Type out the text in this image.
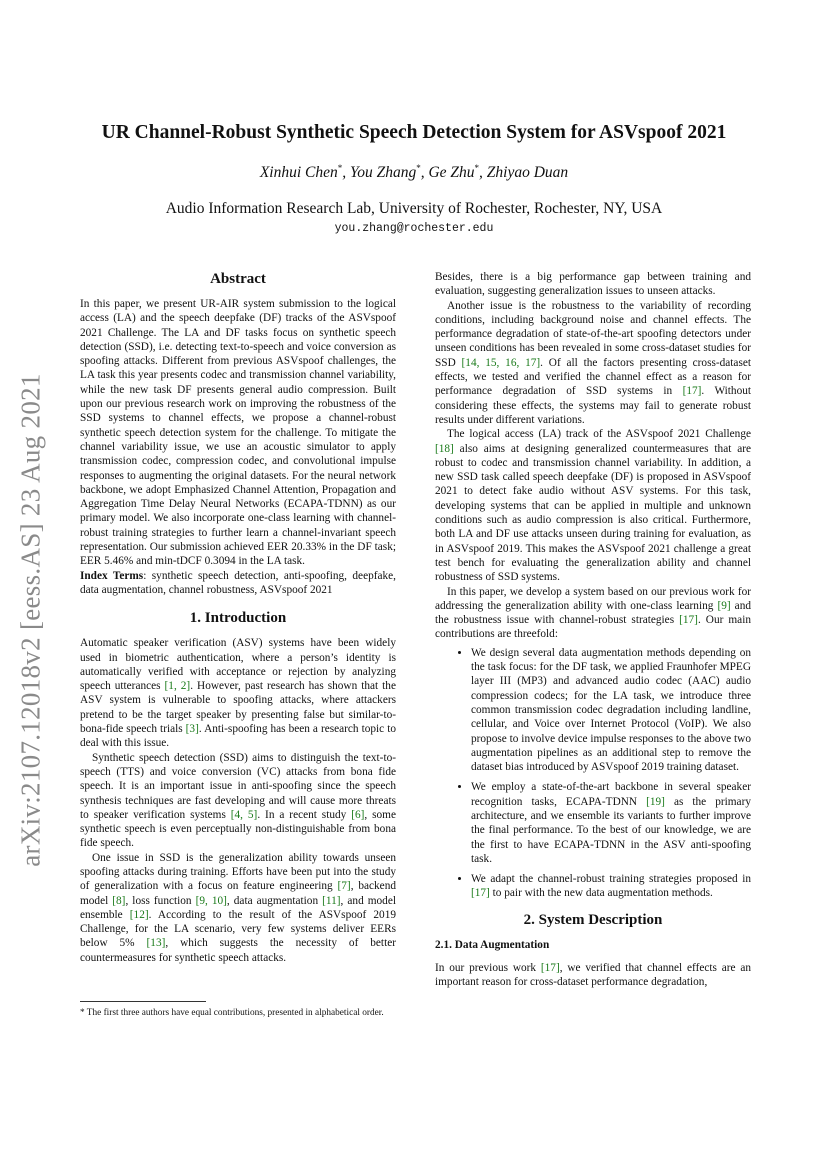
arXiv:2107.12018v2 [eess.AS] 23 Aug 2021
UR Channel-Robust Synthetic Speech Detection System for ASVspoof 2021
Xinhui Chen*, You Zhang*, Ge Zhu*, Zhiyao Duan
Audio Information Research Lab, University of Rochester, Rochester, NY, USA
you.zhang@rochester.edu
Abstract

In this paper, we present UR-AIR system submission to the logical access (LA) and the speech deepfake (DF) tracks of the ASVspoof 2021 Challenge. The LA and DF tasks focus on synthetic speech detection (SSD), i.e. detecting text-to-speech and voice conversion as spoofing attacks. Different from previous ASVspoof challenges, the LA task this year presents codec and transmission channel variability, while the new task DF presents general audio compression. Built upon our previous research work on improving the robustness of the SSD systems to channel effects, we propose a channel-robust synthetic speech detection system for the challenge. To mitigate the channel variability issue, we use an acoustic simulator to apply transmission codec, compression codec, and convolutional impulse responses to augmenting the original datasets. For the neural network backbone, we adopt Emphasized Channel Attention, Propagation and Aggregation Time Delay Neural Networks (ECAPA-TDNN) as our primary model. We also incorporate one-class learning with channel-robust training strategies to further learn a channel-invariant speech representation. Our submission achieved EER 20.33% in the DF task; EER 5.46% and min-tDCF 0.3094 in the LA task.

Index Terms: synthetic speech detection, anti-spoofing, deepfake, data augmentation, channel robustness, ASVspoof 2021

1. Introduction

Automatic speaker verification (ASV) systems have been widely used in biometric authentication, where a person’s identity is automatically verified with acceptance or rejection by analyzing speech utterances [1, 2]. However, past research has shown that the ASV system is vulnerable to spoofing attacks, where attackers pretend to be the target speaker by presenting false but similar-to-bona-fide speech trials [3]. Anti-spoofing has been a research topic to deal with this issue.

Synthetic speech detection (SSD) aims to distinguish the text-to-speech (TTS) and voice conversion (VC) attacks from bona fide speech. It is an important issue in anti-spoofing since the speech synthesis techniques are fast developing and will cause more threats to speaker verification systems [4, 5]. In a recent study [6], some synthetic speech is even perceptually non-distinguishable from bona fide speech.

One issue in SSD is the generalization ability towards unseen spoofing attacks during training. Efforts have been put into the study of generalization with a focus on feature engineering [7], backend model [8], loss function [9, 10], data augmentation [11], and model ensemble [12]. According to the result of the ASVspoof 2019 Challenge, for the LA scenario, very few systems deliver EERs below 5% [13], which suggests the necessity of better countermeasures for synthetic speech attacks.

* The first three authors have equal contributions, presented in alphabetical order.

Besides, there is a big performance gap between training and evaluation, suggesting generalization issues to unseen attacks.

Another issue is the robustness to the variability of recording conditions, including background noise and channel effects. The performance degradation of state-of-the-art spoofing detectors under unseen conditions has been revealed in some cross-dataset studies for SSD [14, 15, 16, 17]. Of all the factors presenting cross-dataset effects, we tested and verified the channel effect as a reason for performance degradation of SSD systems in [17]. Without considering these effects, the systems may fail to generate robust results under different variations.

The logical access (LA) track of the ASVspoof 2021 Challenge [18] also aims at designing generalized countermeasures that are robust to codec and transmission channel variability. In addition, a new SSD task called speech deepfake (DF) is proposed in ASVspoof 2021 to detect fake audio without ASV systems. For this task, developing systems that can be applied in multiple and unknown conditions such as audio compression is also critical. Furthermore, both LA and DF use attacks unseen during training for evaluation, as in ASVspoof 2019. This makes the ASVspoof 2021 challenge a great test bench for evaluating the generalization ability and channel robustness of SSD systems.

In this paper, we develop a system based on our previous work for addressing the generalization ability with one-class learning [9] and the robustness issue with channel-robust strategies [17]. Our main contributions are threefold:

• We design several data augmentation methods depending on the task focus: for the DF task, we applied Fraunhofer MPEG layer III (MP3) and advanced audio codec (AAC) audio compression codecs; for the LA task, we introduce three common transmission codec degradation including landline, cellular, and Voice over Internet Protocol (VoIP). We also propose to involve device impulse responses to the above two augmentation pipelines as an additional step to remove the dataset bias introduced by ASVspoof 2019 training dataset.
• We employ a state-of-the-art backbone in several speaker recognition tasks, ECAPA-TDNN [19] as the primary architecture, and we ensemble its variants to further improve the final performance. To the best of our knowledge, we are the first to have ECAPA-TDNN in the ASV anti-spoofing task.
• We adapt the channel-robust training strategies proposed in [17] to pair with the new data augmentation methods.
2. System Description
2.1. Data Augmentation

In our previous work [17], we verified that channel effects are an important reason for cross-dataset performance degradation,
